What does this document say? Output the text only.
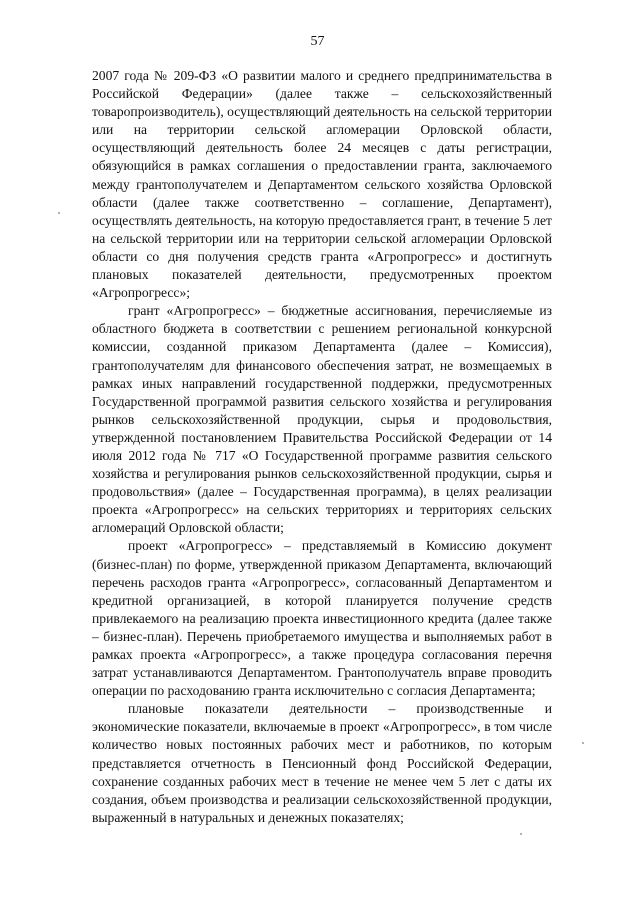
57

2007 года № 209-ФЗ «О развитии малого и среднего предпринимательства в Российской Федерации» (далее также – сельскохозяйственный товаропроизводитель), осуществляющий деятельность на сельской территории или на территории сельской агломерации Орловской области, осуществляющий деятельность более 24 месяцев с даты регистрации, обязующийся в рамках соглашения о предоставлении гранта, заключаемого между грантополучателем и Департаментом сельского хозяйства Орловской области (далее также соответственно – соглашение, Департамент), осуществлять деятельность, на которую предоставляется грант, в течение 5 лет на сельской территории или на территории сельской агломерации Орловской области со дня получения средств гранта «Агропрогресс» и достигнуть плановых показателей деятельности, предусмотренных проектом «Агропрогресс»;

грант «Агропрогресс» – бюджетные ассигнования, перечисляемые из областного бюджета в соответствии с решением региональной конкурсной комиссии, созданной приказом Департамента (далее – Комиссия), грантополучателям для финансового обеспечения затрат, не возмещаемых в рамках иных направлений государственной поддержки, предусмотренных Государственной программой развития сельского хозяйства и регулирования рынков сельскохозяйственной продукции, сырья и продовольствия, утвержденной постановлением Правительства Российской Федерации от 14 июля 2012 года № 717 «О Государственной программе развития сельского хозяйства и регулирования рынков сельскохозяйственной продукции, сырья и продовольствия» (далее – Государственная программа), в целях реализации проекта «Агропрогресс» на сельских территориях и территориях сельских агломераций Орловской области;

проект «Агропрогресс» – представляемый в Комиссию документ (бизнес-план) по форме, утвержденной приказом Департамента, включающий перечень расходов гранта «Агропрогресс», согласованный Департаментом и кредитной организацией, в которой планируется получение средств привлекаемого на реализацию проекта инвестиционного кредита (далее также – бизнес-план). Перечень приобретаемого имущества и выполняемых работ в рамках проекта «Агропрогресс», а также процедура согласования перечня затрат устанавливаются Департаментом. Грантополучатель вправе проводить операции по расходованию гранта исключительно с согласия Департамента;

плановые показатели деятельности – производственные и экономические показатели, включаемые в проект «Агропрогресс», в том числе количество новых постоянных рабочих мест и работников, по которым представляется отчетность в Пенсионный фонд Российской Федерации, сохранение созданных рабочих мест в течение не менее чем 5 лет с даты их создания, объем производства и реализации сельскохозяйственной продукции, выраженный в натуральных и денежных показателях;
